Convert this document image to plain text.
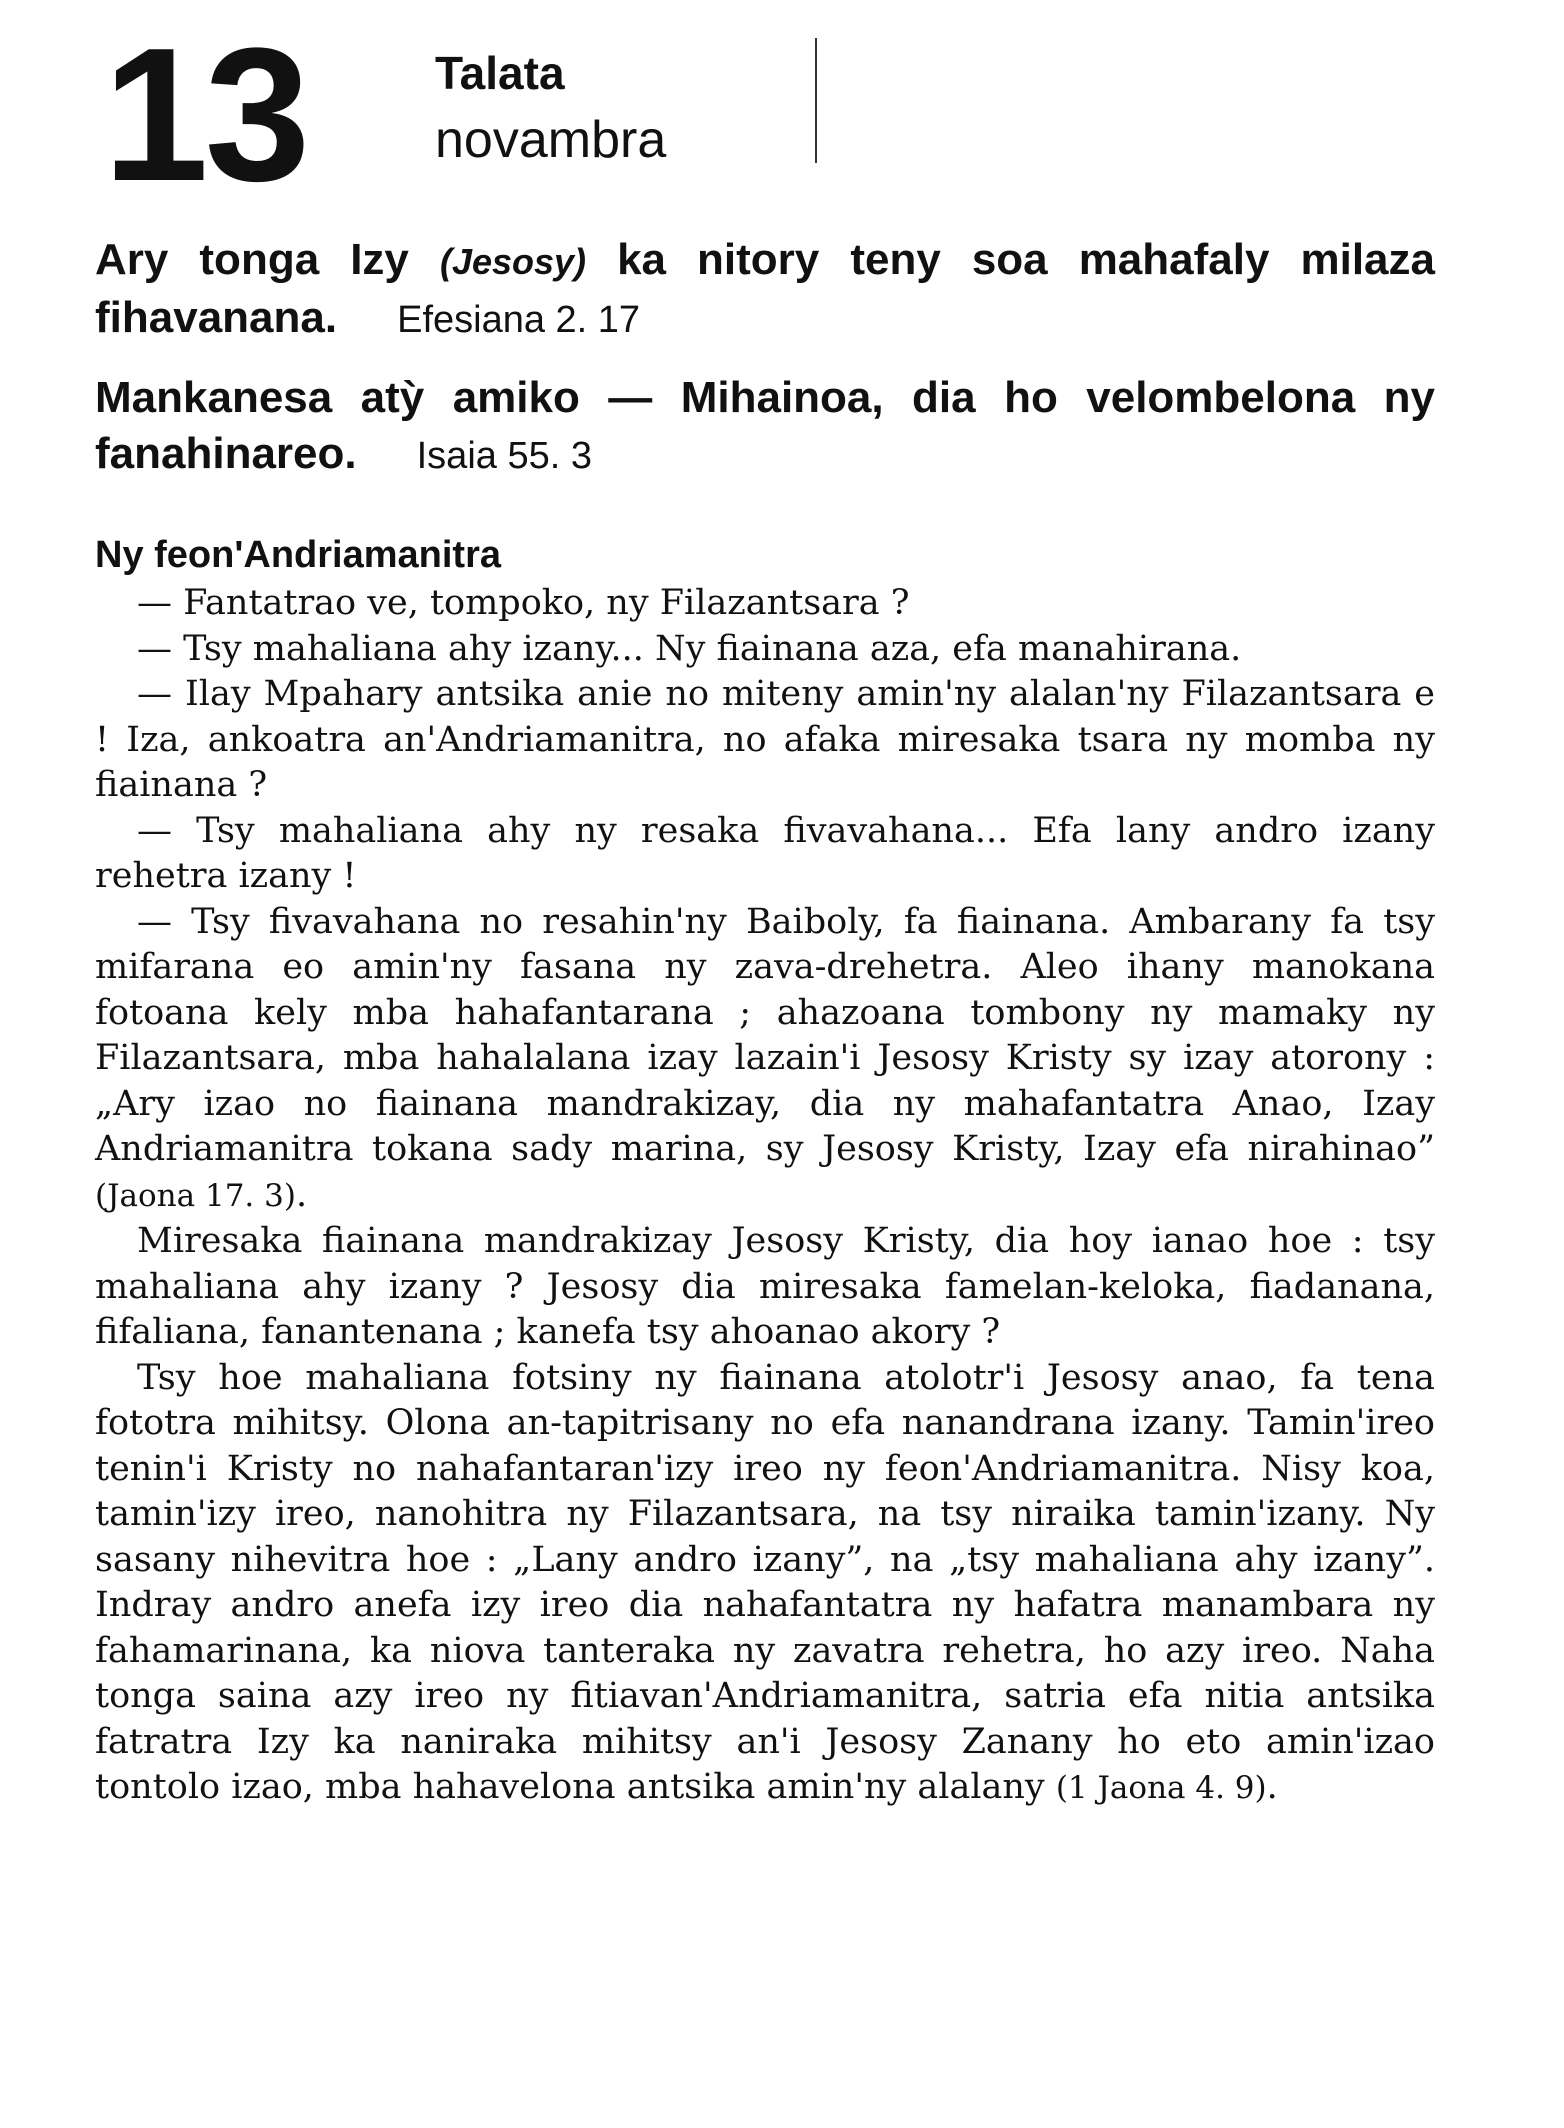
13	Talata
novambra

Ary tonga Izy (Jesosy) ka nitory teny soa mahafaly milaza fihavanana. Efesiana 2. 17

Mankanesa atỳ amiko — Mihainoa, dia ho velombelona ny fanahinareo. Isaia 55. 3

Ny feon'Andriamanitra

— Fantatrao ve, tompoko, ny Filazantsara ?

— Tsy mahaliana ahy izany... Ny fiainana aza, efa manahirana.

— Ilay Mpahary antsika anie no miteny amin'ny alalan'ny Filazantsara e ! Iza, ankoatra an'Andriamanitra, no afaka miresaka tsara ny momba ny fiainana ?

— Tsy mahaliana ahy ny resaka fivavahana... Efa lany andro izany rehetra izany !

— Tsy fivavahana no resahin'ny Baiboly, fa fiainana. Ambarany fa tsy mifarana eo amin'ny fasana ny zava-drehetra. Aleo ihany manokana fotoana kely mba hahafantarana ; ahazoana tombony ny mamaky ny Filazantsara, mba hahalalana izay lazain'i Jesosy Kristy sy izay atorony : „Ary izao no fiainana mandrakizay, dia ny mahafantatra Anao, Izay Andriamanitra tokana sady marina, sy Jesosy Kristy, Izay efa nirahinao” (Jaona 17. 3).

Miresaka fiainana mandrakizay Jesosy Kristy, dia hoy ianao hoe : tsy mahaliana ahy izany ? Jesosy dia miresaka famelan-keloka, fiadanana, fifaliana, fanantenana ; kanefa tsy ahoanao akory ?

Tsy hoe mahaliana fotsiny ny fiainana atolotr'i Jesosy anao, fa tena fototra mihitsy. Olona an-tapitrisany no efa nanandrana izany. Tamin'ireo tenin'i Kristy no nahafantaran'izy ireo ny feon'Andriamanitra. Nisy koa, tamin'izy ireo, nanohitra ny Filazantsara, na tsy niraika tamin'izany. Ny sasany nihevitra hoe : „Lany andro izany”, na „tsy mahaliana ahy izany”. Indray andro anefa izy ireo dia nahafantatra ny hafatra manambara ny fahamarinana, ka niova tanteraka ny zavatra rehetra, ho azy ireo. Naha tonga saina azy ireo ny fitiavan'Andriamanitra, satria efa nitia antsika fatratra Izy ka naniraka mihitsy an'i Jesosy Zanany ho eto amin'izao tontolo izao, mba hahavelona antsika amin'ny alalany (1 Jaona 4. 9).
